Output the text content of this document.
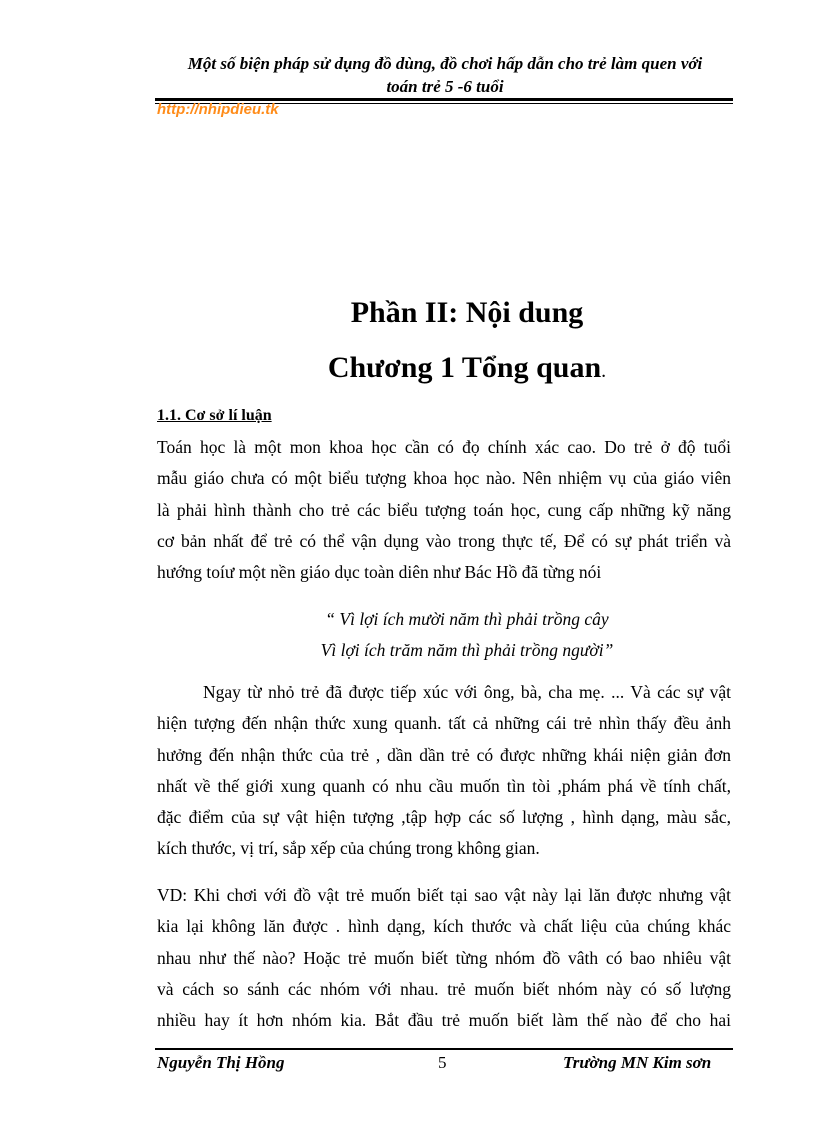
Một số biện pháp sử dụng đồ dùng, đồ chơi hấp dẫn cho trẻ làm quen với
toán trẻ 5 -6 tuổi
http://nhipdieu.tk
Phần II: Nội dung
Chương 1 Tổng quan.
1.1. Cơ sở lí luận
Toán học là một mon khoa học cần có đọ chính xác cao. Do trẻ ở độ tuổi
mẫu giáo chưa có một biểu tượng khoa học nào. Nên nhiệm vụ của giáo viên
là phải hình thành cho trẻ các biểu tượng toán học, cung cấp những kỹ năng
cơ bản nhất để trẻ có thể vận dụng vào trong thực tế, Để có sự phát triển và
hướng toíư một nền giáo dục toàn diên như Bác Hồ đã từng nói
“ Vì lợi ích mười năm thì phải trồng cây
Vì lợi ích trăm năm thì phải trồng người”
Ngay từ nhỏ trẻ đã được tiếp xúc với ông, bà, cha mẹ. ... Và các sự vật
hiện tượng đến nhận thức xung quanh. tất cả những cái trẻ nhìn thấy đều ảnh
hưởng đến nhận thức của trẻ , dần dần trẻ có được những khái niện giản đơn
nhất về thế giới xung quanh có nhu cầu muốn tìn tòi ,phám phá về tính chất,
đặc điểm của sự vật hiện tượng ,tập hợp các số lượng , hình dạng, màu sắc,
kích thước, vị trí, sắp xếp của chúng trong không gian.
VD: Khi chơi với đồ vật trẻ muốn biết tại sao vật này lại lăn được nhưng vật
kia lại không lăn được . hình dạng, kích thước và chất liệu của chúng khác
nhau như thế nào? Hoặc trẻ muốn biết từng nhóm đồ vâth có bao nhiêu vật
và cách so sánh các nhóm với nhau. trẻ muốn biết nhóm này có số lượng
nhiều hay ít hơn nhóm kia. Bắt đầu trẻ muốn biết làm thế nào để cho hai
Nguyễn Thị Hồng	5	Trường MN Kim sơn
